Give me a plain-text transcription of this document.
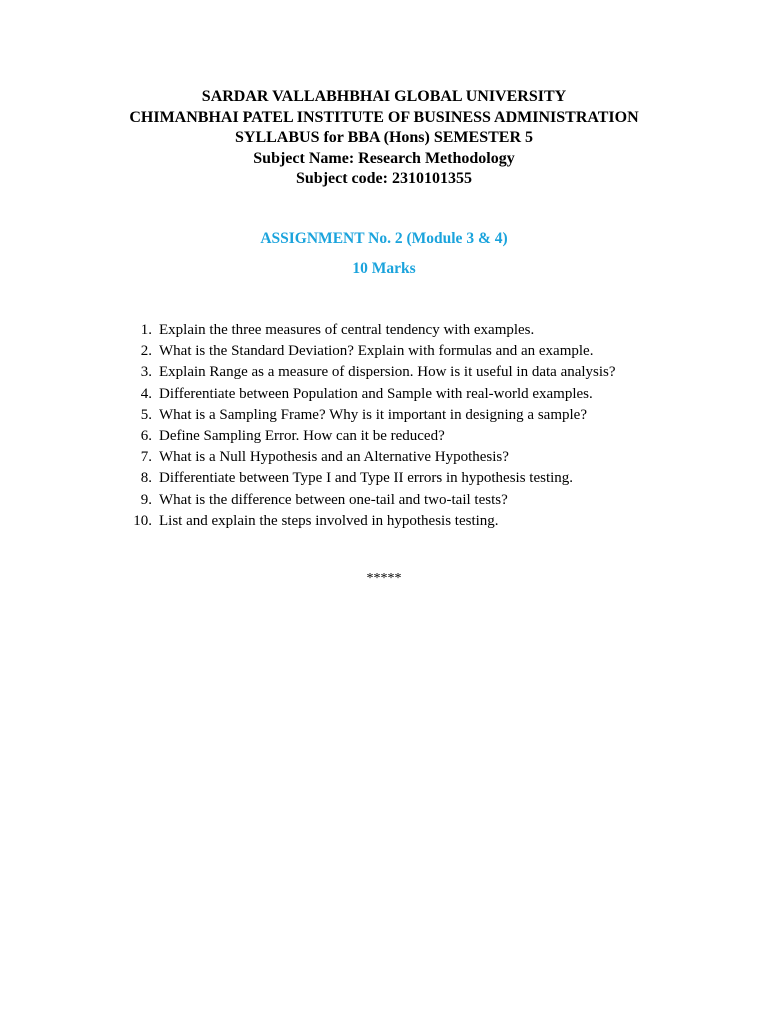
SARDAR VALLABHBHAI GLOBAL UNIVERSITY
CHIMANBHAI PATEL INSTITUTE OF BUSINESS ADMINISTRATION
SYLLABUS for BBA (Hons) SEMESTER 5
Subject Name: Research Methodology
Subject code: 2310101355
ASSIGNMENT No. 2 (Module 3 & 4)
10 Marks
1. Explain the three measures of central tendency with examples.
2. What is the Standard Deviation? Explain with formulas and an example.
3. Explain Range as a measure of dispersion. How is it useful in data analysis?
4. Differentiate between Population and Sample with real-world examples.
5. What is a Sampling Frame? Why is it important in designing a sample?
6. Define Sampling Error. How can it be reduced?
7. What is a Null Hypothesis and an Alternative Hypothesis?
8. Differentiate between Type I and Type II errors in hypothesis testing.
9. What is the difference between one-tail and two-tail tests?
10. List and explain the steps involved in hypothesis testing.
*****
